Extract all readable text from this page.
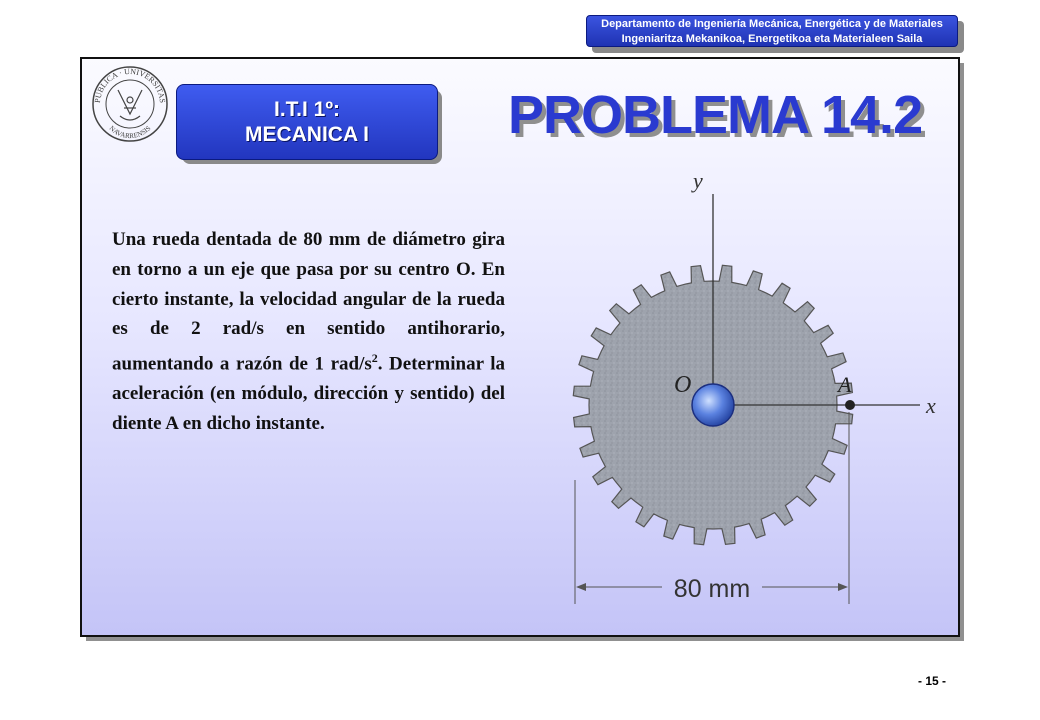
Departamento de Ingeniería Mecánica, Energética y de Materiales
Ingeniaritza Mekanikoa, Energetikoa eta Materialeen Saila
PUBLICA · UNIVERSITAS
NAVARRENSIS
I.T.I 1º:
MECANICA I	PROBLEMA 14.2
Una rueda dentada de 80 mm de diámetro gira en torno a un eje que pasa por su centro O. En cierto instante, la velocidad angular de la rueda es de 2 rad/s en sentido antihorario, aumentando a razón de 1 rad/$s^2$. Determinar la aceleración (en módulo, dirección y sentido) del diente A en dicho instante.
80 mm
y
x
O	A
- 15 -
